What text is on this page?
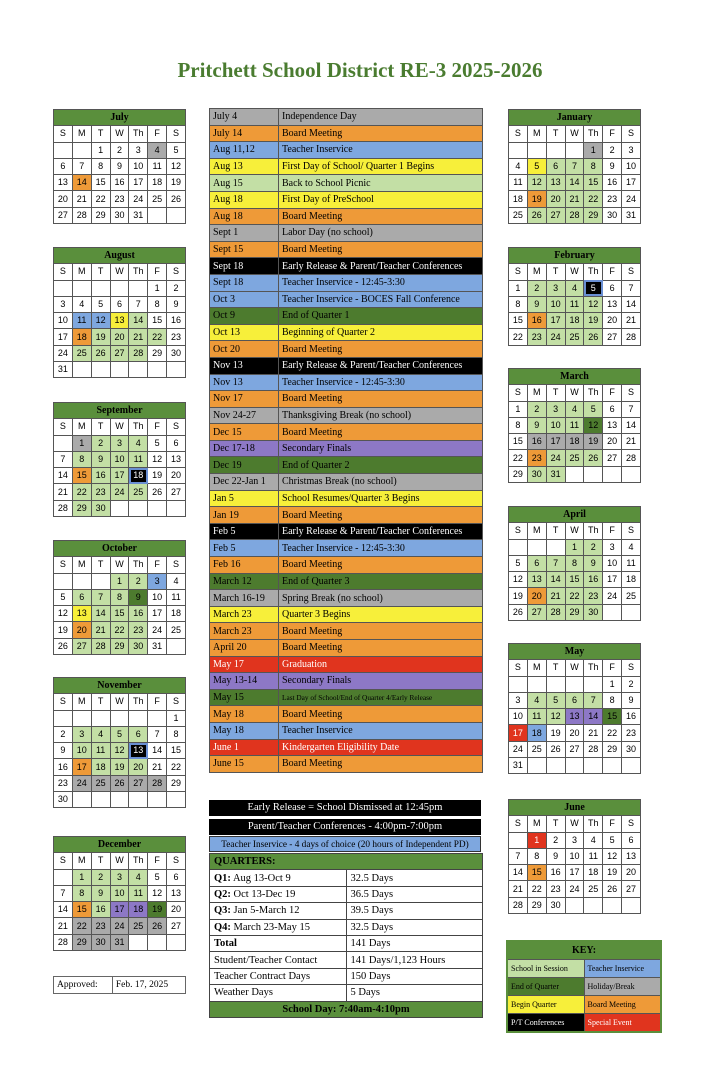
Pritchett School District RE-3 2025-2026
July						
S	M	T	W	Th	F	S
		1	2	3	4	5
6	7	8	9	10	11	12
13	14	15	16	17	18	19
20	21	22	23	24	25	26
27	28	29	30	31		
August						
S	M	T	W	Th	F	S
					1	2
3	4	5	6	7	8	9
10	11	12	13	14	15	16
17	18	19	20	21	22	23
24	25	26	27	28	29	30
31						
September						
S	M	T	W	Th	F	S
	1	2	3	4	5	6
7	8	9	10	11	12	13
14	15	16	17	18	19	20
21	22	23	24	25	26	27
28	29	30				
October						
S	M	T	W	Th	F	S
			1	2	3	4
5	6	7	8	9	10	11
12	13	14	15	16	17	18
19	20	21	22	23	24	25
26	27	28	29	30	31	
November						
S	M	T	W	Th	F	S
						1
2	3	4	5	6	7	8
9	10	11	12	13	14	15
16	17	18	19	20	21	22
23	24	25	26	27	28	29
30						
December						
S	M	T	W	Th	F	S
	1	2	3	4	5	6
7	8	9	10	11	12	13
14	15	16	17	18	19	20
21	22	23	24	25	26	27
28	29	30	31			
January						
S	M	T	W	Th	F	S
				1	2	3
4	5	6	7	8	9	10
11	12	13	14	15	16	17
18	19	20	21	22	23	24
25	26	27	28	29	30	31
February						
S	M	T	W	Th	F	S
1	2	3	4	5	6	7
8	9	10	11	12	13	14
15	16	17	18	19	20	21
22	23	24	25	26	27	28
March						
S	M	T	W	Th	F	S
1	2	3	4	5	6	7
8	9	10	11	12	13	14
15	16	17	18	19	20	21
22	23	24	25	26	27	28
29	30	31				
April						
S	M	T	W	Th	F	S
			1	2	3	4
5	6	7	8	9	10	11
12	13	14	15	16	17	18
19	20	21	22	23	24	25
26	27	28	29	30		
May						
S	M	T	W	Th	F	S
					1	2
3	4	5	6	7	8	9
10	11	12	13	14	15	16
17	18	19	20	21	22	23
24	25	26	27	28	29	30
31						
June						
S	M	T	W	Th	F	S
	1	2	3	4	5	6
7	8	9	10	11	12	13
14	15	16	17	18	19	20
21	22	23	24	25	26	27
28	29	30				
July 4	Independence Day
July 14	Board Meeting
Aug 11,12	Teacher Inservice
Aug 13	First Day of School/ Quarter 1 Begins
Aug 15	Back to School Picnic
Aug 18	First Day of PreSchool
Aug 18	Board Meeting
Sept 1	Labor Day (no school)
Sept 15	Board Meeting
Sept 18	Early Release & Parent/Teacher Conferences
Sept 18	Teacher Inservice - 12:45-3:30
Oct 3	Teacher Inservice - BOCES Fall Conference
Oct 9	End of Quarter 1
Oct 13	Beginning of Quarter 2
Oct 20	Board Meeting
Nov 13	Early Release & Parent/Teacher Conferences
Nov 13	Teacher Inservice - 12:45-3:30
Nov 17	Board Meeting
Nov 24-27	Thanksgiving Break (no school)
Dec 15	Board Meeting
Dec 17-18	Secondary Finals
Dec 19	End of Quarter 2
Dec 22-Jan 1	Christmas Break (no school)
Jan 5	School Resumes/Quarter 3 Begins
Jan 19	Board Meeting
Feb 5	Early Release & Parent/Teacher Conferences
Feb 5	Teacher Inservice - 12:45-3:30
Feb 16	Board Meeting
March 12	End of Quarter 3
March 16-19	Spring Break (no school)
March 23	Quarter 3 Begins
March 23	Board Meeting
April 20	Board Meeting
May 17	Graduation
May 13-14	Secondary Finals
May 15	Last Day of School/End of Quarter 4/Early Release
May 18	Board Meeting
May 18	Teacher Inservice
June 1	Kindergarten Eligibility Date
June 15	Board Meeting
Early Release = School Dismissed at 12:45pm
Parent/Teacher Conferences - 4:00pm-7:00pm
Teacher Inservice - 4 days of choice (20 hours of Independent PD)
QUARTERS:	
Q1: Aug 13-Oct 9	32.5 Days
Q2: Oct 13-Dec 19	36.5 Days
Q3: Jan 5-March 12	39.5 Days
Q4: March 23-May 15	32.5 Days
Total	141 Days
Student/Teacher Contact	141 Days/1,123 Hours
Teacher Contract Days	150 Days
Weather Days	5 Days
School Day: 7:40am-4:10pm	
Approved:	Feb. 17, 2025
KEY:	
School in Session	Teacher Inservice
End of Quarter	Holiday/Break
Begin Quarter	Board Meeting
P/T Conferences	Special Event
